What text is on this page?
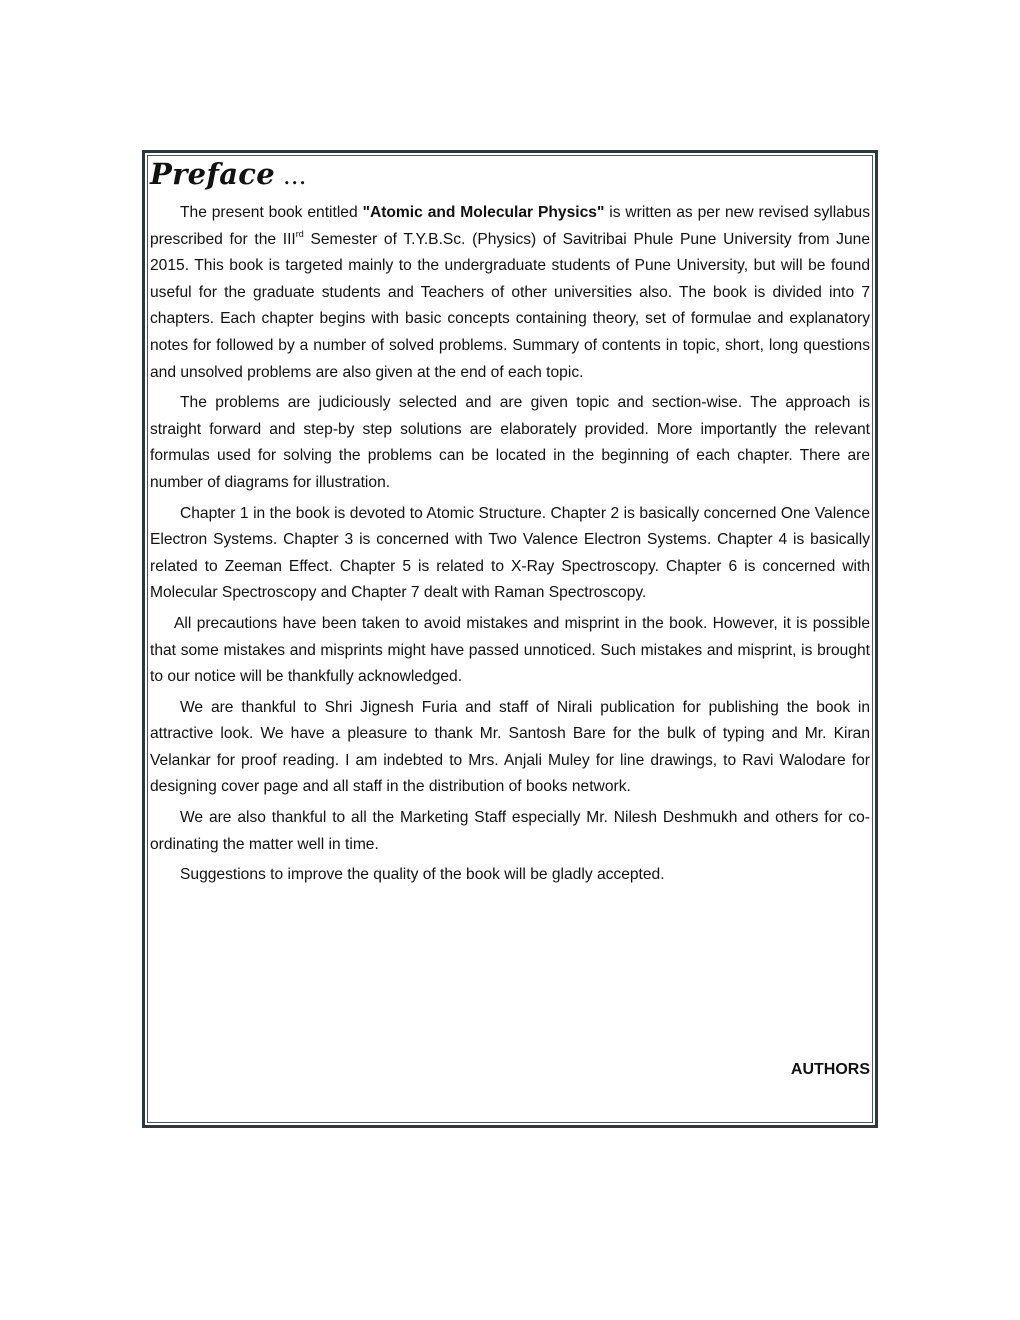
Preface ...

The present book entitled "Atomic and Molecular Physics" is written as per new revised syllabus prescribed for the IIIrd Semester of T.Y.B.Sc. (Physics) of Savitribai Phule Pune University from June 2015. This book is targeted mainly to the undergraduate students of Pune University, but will be found useful for the graduate students and Teachers of other universities also. The book is divided into 7 chapters. Each chapter begins with basic concepts containing theory, set of formulae and explanatory notes for followed by a number of solved problems. Summary of contents in topic, short, long questions and unsolved problems are also given at the end of each topic.

The problems are judiciously selected and are given topic and section-wise. The approach is straight forward and step-by step solutions are elaborately provided. More importantly the relevant formulas used for solving the problems can be located in the beginning of each chapter. There are number of diagrams for illustration.

Chapter 1 in the book is devoted to Atomic Structure. Chapter 2 is basically concerned One Valence Electron Systems. Chapter 3 is concerned with Two Valence Electron Systems. Chapter 4 is basically related to Zeeman Effect. Chapter 5 is related to X-Ray Spectroscopy. Chapter 6 is concerned with Molecular Spectroscopy and Chapter 7 dealt with Raman Spectroscopy.

All precautions have been taken to avoid mistakes and misprint in the book. However, it is possible that some mistakes and misprints might have passed unnoticed. Such mistakes and misprint, is brought to our notice will be thankfully acknowledged.

We are thankful to Shri Jignesh Furia and staff of Nirali publication for publishing the book in attractive look. We have a pleasure to thank Mr. Santosh Bare for the bulk of typing and Mr. Kiran Velankar for proof reading. I am indebted to Mrs. Anjali Muley for line drawings, to Ravi Walodare for designing cover page and all staff in the distribution of books network.

We are also thankful to all the Marketing Staff especially Mr. Nilesh Deshmukh and others for co-ordinating the matter well in time.

Suggestions to improve the quality of the book will be gladly accepted.

AUTHORS
